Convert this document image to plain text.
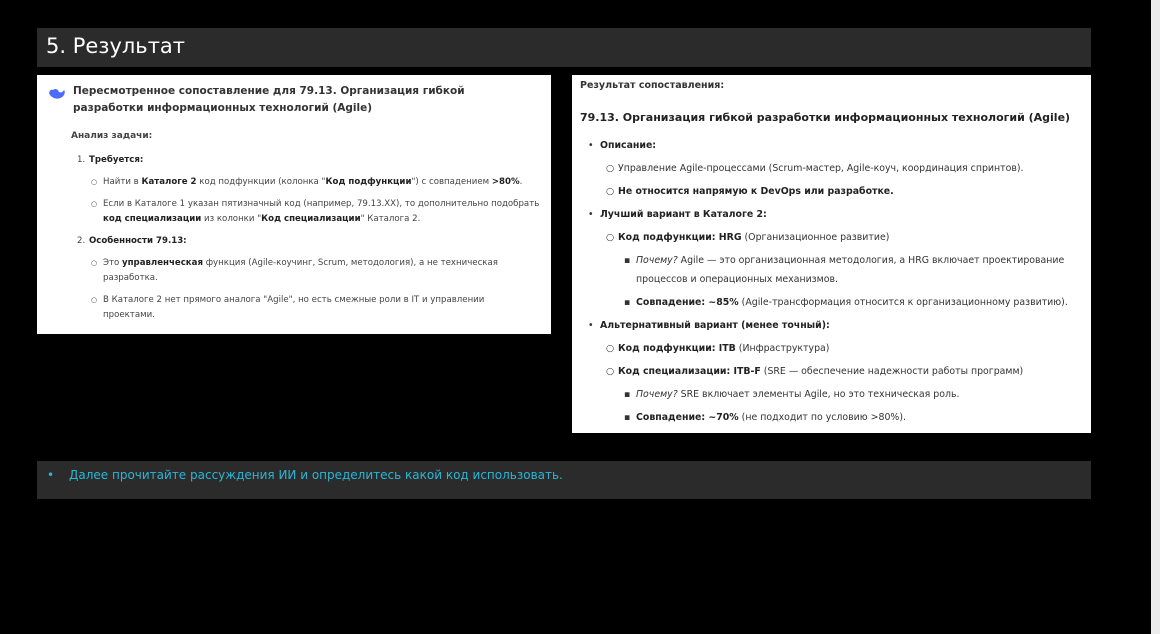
5. Результат
Пересмотренное сопоставление для 79.13. Организация гибкой разработки информационных технологий (Agile)
Анализ задачи:
1. Требуется:
○ Найти в Каталоге 2 код подфункции (колонка "Код подфункции") с совпадением >80%.
○ Если в Каталоге 1 указан пятизначный код (например, 79.13.XX), то дополнительно подобрать
код специализации из колонки "Код специализации" Каталога 2.
2. Особенности 79.13:
○ Это управленческая функция (Agile-коучинг, Scrum, методология), а не техническая
разработка.
○ В Каталоге 2 нет прямого аналога "Agile", но есть смежные роли в IT и управлении
проектами.
Результат сопоставления:
79.13. Организация гибкой разработки информационных технологий (Agile)
• Описание:
○ Управление Agile-процессами (Scrum-мастер, Agile-коуч, координация спринтов).
○ Не относится напрямую к DevOps или разработке.
• Лучший вариант в Каталоге 2:
○ Код подфункции: HRG (Организационное развитие)
▪ Почему? Agile — это организационная методология, а HRG включает проектирование
процессов и операционных механизмов.
▪ Совпадение: ~85% (Agile-трансформация относится к организационному развитию).
• Альтернативный вариант (менее точный):
○ Код подфункции: ITB (Инфраструктура)
○ Код специализации: ITB-F (SRE — обеспечение надежности работы программ)
▪ Почему? SRE включает элементы Agile, но это техническая роль.
▪ Совпадение: ~70% (не подходит по условию >80%).
• Далее прочитайте рассуждения ИИ и определитесь какой код использовать.
